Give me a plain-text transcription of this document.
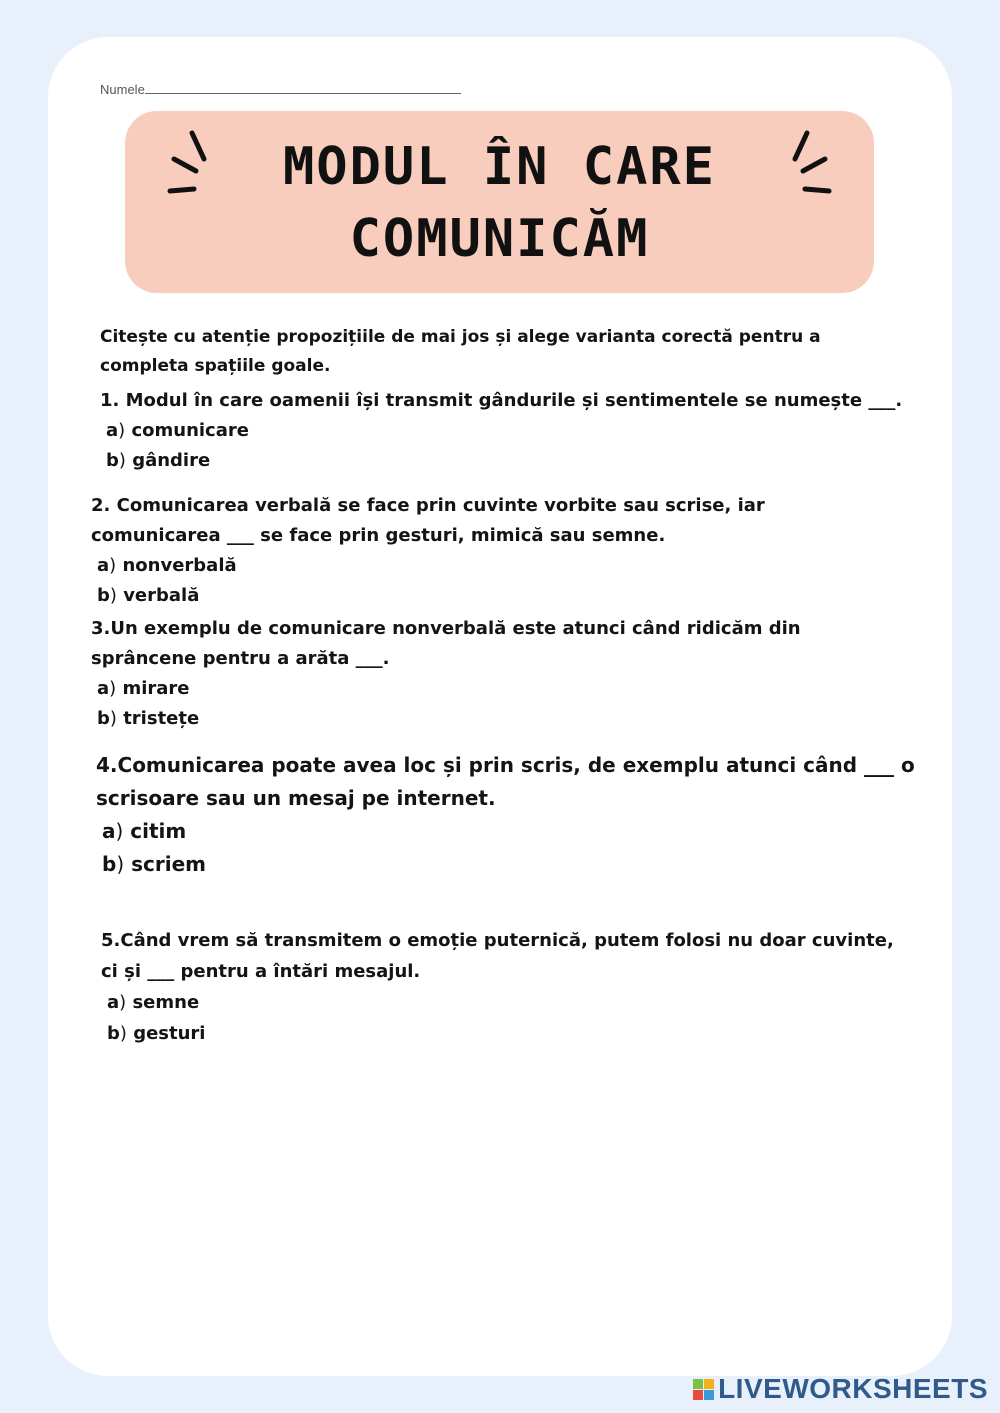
Numele
MODUL ÎN CARE
COMUNICĂM
Citește cu atenție propozițiile de mai jos și alege varianta corectă pentru a completa spațiile goale.
1. Modul în care oamenii își transmit gândurile și sentimentele se numește ___.
a) comunicare
b) gândire
2. Comunicarea verbală se face prin cuvinte vorbite sau scrise, iar comunicarea ___ se face prin gesturi, mimică sau semne.
a) nonverbală
b) verbală
3.Un exemplu de comunicare nonverbală este atunci când ridicăm din sprâncene pentru a arăta ___.
a) mirare
b) tristețe
4.Comunicarea poate avea loc și prin scris, de exemplu atunci când ___ o scrisoare sau un mesaj pe internet.
a) citim
b) scriem
5.Când vrem să transmitem o emoție puternică, putem folosi nu doar cuvinte, ci și ___ pentru a întări mesajul.
a) semne
b) gesturi
LIVEWORKSHEETS
